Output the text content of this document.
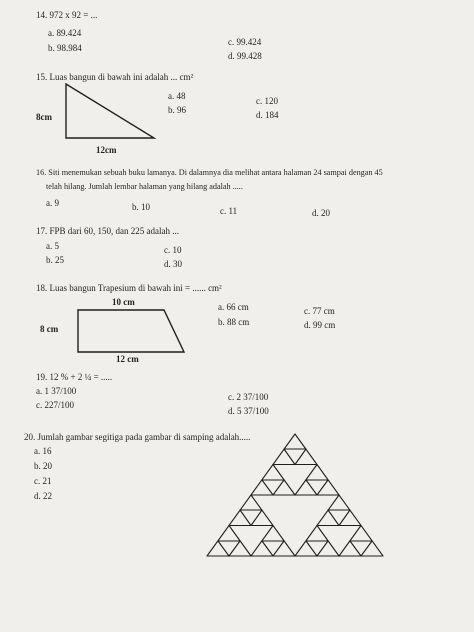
14. 972 x 92 = ...
a. 89.424
b. 98.984
c. 99.424
d. 99.428
15. Luas bangun di bawah ini adalah ... cm²
8cm
12cm
a. 48
b. 96
c. 120
d. 184
16. Siti menemukan sebuah buku lamanya. Di dalamnya dia melihat antara halaman 24 sampai dengan 45
telah hilang. Jumlah lembar halaman yang hilang adalah .....
a. 9	b. 10	c. 11	d. 20
17. FPB dari 60, 150, dan 225 adalah ...
a. 5
b. 25
c. 10
d. 30
18. Luas bangun Trapesium di bawah ini = ...... cm²
10 cm
8 cm
12 cm
a. 66 cm
b. 88 cm
c. 77 cm
d. 99 cm
19. 12 % + 2 ¼ = .....
a. 1 37/100
c. 227/100
c. 2 37/100
d. 5 37/100
20. Jumlah gambar segitiga pada gambar di samping adalah.....
a. 16
b. 20
c. 21
d. 22
